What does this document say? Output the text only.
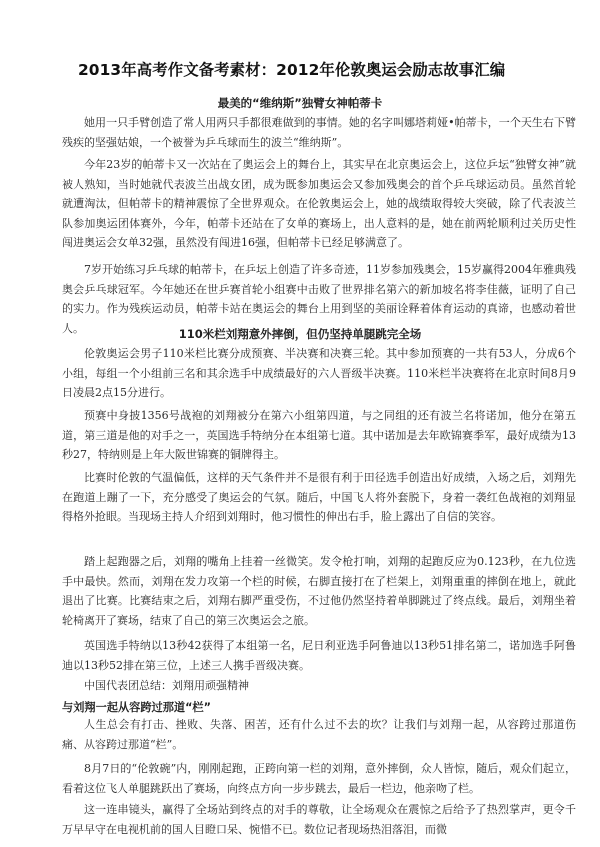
2013年高考作文备考素材：2012年伦敦奥运会励志故事汇编
最美的“维纳斯”独臂女神帕蒂卡

她用一只手臂创造了常人用两只手都很难做到的事情。她的名字叫娜塔莉娅•帕蒂卡，一个天生右下臂残疾的坚强姑娘，一个被誉为乒乓球而生的波兰“维纳斯”。

今年23岁的帕蒂卡又一次站在了奥运会上的舞台上，其实早在北京奥运会上，这位乒坛“独臂女神”就被人熟知，当时她就代表波兰出战女团，成为既参加奥运会又参加残奥会的首个乒乓球运动员。虽然首轮就遭淘汰，但帕蒂卡的精神震惊了全世界观众。在伦敦奥运会上，她的战绩取得较大突破，除了代表波兰队参加奥运团体赛外，今年，帕蒂卡还站在了女单的赛场上，出人意料的是，她在前两轮顺利过关历史性闯进奥运会女单32强，虽然没有闯进16强，但帕蒂卡已经足够满意了。

7岁开始练习乒乓球的帕蒂卡，在乒坛上创造了许多奇迹，11岁参加残奥会，15岁赢得2004年雅典残奥会乒乓球冠军。今年她还在世乒赛首轮小组赛中击败了世界排名第六的新加坡名将李佳薇，证明了自己的实力。作为残疾运动员，帕蒂卡站在奥运会的舞台上用到坚的美丽诠释着体育运动的真谛，也感动着世人。	110米栏刘翔意外摔倒，但仍坚持单腿跳完全场

伦敦奥运会男子110米栏比赛分成预赛、半决赛和决赛三轮。其中参加预赛的一共有53人，分成6个小组，每组一个小组前三名和其余选手中成绩最好的六人晋级半决赛。110米栏半决赛将在北京时间8月9日凌晨2点15分进行。

预赛中身披1356号战袍的刘翔被分在第六小组第四道，与之同组的还有波兰名将诺加，他分在第五道，第三道是他的对手之一，英国选手特纳分在本组第七道。其中诺加是去年欧锦赛季军，最好成绩为13秒27，特纳则是上年大阪世锦赛的铜牌得主。

比赛时伦敦的气温偏低，这样的天气条件并不是很有利于田径选手创造出好成绩，入场之后，刘翔先在跑道上蹦了一下，充分感受了奥运会的气氛。随后，中国飞人将外套脱下，身着一袭红色战袍的刘翔显得格外抢眼。当现场主持人介绍到刘翔时，他习惯性的伸出右手，脸上露出了自信的笑容。

踏上起跑器之后，刘翔的嘴角上挂着一丝微笑。发令枪打响，刘翔的起跑反应为0.123秒，在九位选手中最快。然而，刘翔在发力攻第一个栏的时候，右脚直接打在了栏架上，刘翔重重的摔倒在地上，就此退出了比赛。比赛结束之后，刘翔右脚严重受伤，不过他仍然坚持着单脚跳过了终点线。最后，刘翔坐着轮椅离开了赛场，结束了自己的第三次奥运会之旅。

英国选手特纳以13秒42获得了本组第一名，尼日利亚选手阿鲁迪以13秒51排名第二，诺加选手阿鲁迪以13秒52排在第三位，上述三人携手晋级决赛。

中国代表团总结：刘翔用顽强精神
与刘翔一起从容跨过那道“栏”

人生总会有打击、挫败、失落、困苦，还有什么过不去的坎？让我们与刘翔一起，从容跨过那道伤痛、从容跨过那道“栏”。

8月7日的“伦敦碗”内，刚刚起跑，正跨向第一栏的刘翔，意外摔倒，众人皆惊，随后，观众们起立，看着这位飞人单腿跳跃出了赛场，向终点方向一步步跳去，最后一栏边，他亲吻了栏。

这一连串镜头，赢得了全场站到终点的对手的尊敬，让全场观众在震惊之后给予了热烈掌声，更令千万早早守在电视机前的国人目瞪口呆、惋惜不已。数位记者现场热泪落泪，而微
